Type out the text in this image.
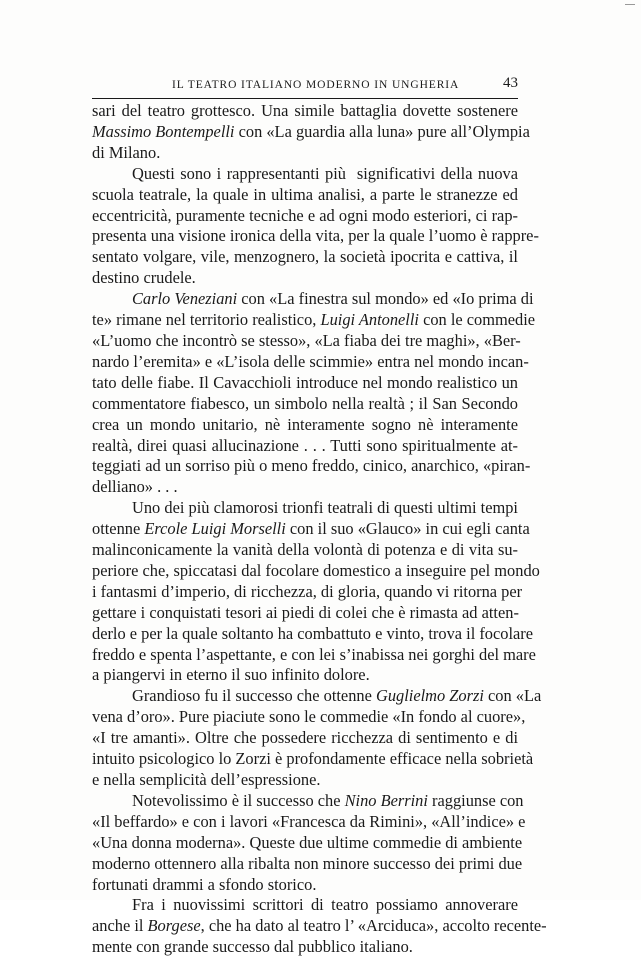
IL TEATRO ITALIANO MODERNO IN UNGHERIA	43
sari del teatro grottesco. Una simile battaglia dovette sostenere
Massimo Bontempelli con «La guardia alla luna» pure all’Olympia
di Milano.
Questi sono i rappresentanti più  significativi della nuova
scuola teatrale, la quale in ultima analisi, a parte le stranezze ed
eccentricità, puramente tecniche e ad ogni modo esteriori, ci rap-
presenta una visione ironica della vita, per la quale l’uomo è rappre-
sentato volgare, vile, menzognero, la società ipocrita e cattiva, il
destino crudele.
Carlo Veneziani con «La finestra sul mondo» ed «Io prima di
te» rimane nel territorio realistico, Luigi Antonelli con le commedie
«L’uomo che incontrò se stesso», «La fiaba dei tre maghi», «Ber-
nardo l’eremita» e «L’isola delle scimmie» entra nel mondo incan-
tato delle fiabe. Il Cavacchioli introduce nel mondo realistico un
commentatore fiabesco, un simbolo nella realtà ; il San Secondo
crea un mondo unitario, nè interamente sogno nè interamente
realtà, direi quasi allucinazione . . . Tutti sono spiritualmente at-
teggiati ad un sorriso più o meno freddo, cinico, anarchico, «piran-
delliano» . . .
Uno dei più clamorosi trionfi teatrali di questi ultimi tempi
ottenne Ercole Luigi Morselli con il suo «Glauco» in cui egli canta
malinconicamente la vanità della volontà di potenza e di vita su-
periore che, spiccatasi dal focolare domestico a inseguire pel mondo
i fantasmi d’imperio, di ricchezza, di gloria, quando vi ritorna per
gettare i conquistati tesori ai piedi di colei che è rimasta ad atten-
derlo e per la quale soltanto ha combattuto e vinto, trova il focolare
freddo e spenta l’aspettante, e con lei s’inabissa nei gorghi del mare
a piangervi in eterno il suo infinito dolore.
Grandioso fu il successo che ottenne Guglielmo Zorzi con «La
vena d’oro». Pure piaciute sono le commedie «In fondo al cuore»,
«I tre amanti». Oltre che possedere ricchezza di sentimento e di
intuito psicologico lo Zorzi è profondamente efficace nella sobrietà
e nella semplicità dell’espressione.
Notevolissimo è il successo che Nino Berrini raggiunse con
«Il beffardo» e con i lavori «Francesca da Rimini», «All’indice» e
«Una donna moderna». Queste due ultime commedie di ambiente
moderno ottennero alla ribalta non minore successo dei primi due
fortunati drammi a sfondo storico.
Fra i nuovissimi scrittori di teatro possiamo annoverare
anche il Borgese, che ha dato al teatro l’ «Arciduca», accolto recente-
mente con grande successo dal pubblico italiano.
